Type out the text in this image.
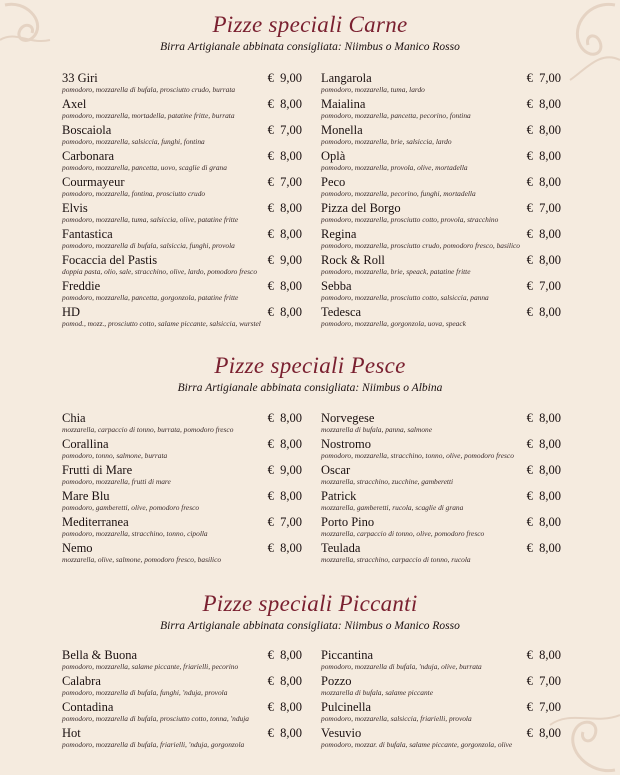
Pizze speciali Carne
Birra Artigianale abbinata consigliata: Niimbus o Manico Rosso
33 Giri	€  9,00
pomodoro, mozzarella di bufala, prosciutto crudo, burrata
Axel	€  8,00
pomodoro, mozzarella, mortadella, patatine fritte, burrata
Boscaiola	€  7,00
pomodoro, mozzarella, salsiccia, funghi, fontina
Carbonara	€  8,00
pomodoro, mozzarella, pancetta, uovo, scaglie di grana
Courmayeur	€  7,00
pomodoro, mozzarella, fontina, prosciutto crudo
Elvis	€  8,00
pomodoro, mozzarella, tuma, salsiccia, olive, patatine fritte
Fantastica	€  8,00
pomodoro, mozzarella di bufala, salsiccia, funghi, provola
Focaccia del Pastis	€  9,00
doppia pasta, olio, sale, stracchino, olive, lardo, pomodoro fresco
Freddie	€  8,00
pomodoro, mozzarella, pancetta, gorgonzola, patatine fritte
HD	€  8,00
pomod., mozz., prosciutto cotto, salame piccante, salsiccia, wurstel
Langarola	€  7,00
pomodoro, mozzarella, tuma, lardo
Maialina	€  8,00
pomodoro, mozzarella, pancetta, pecorino, fontina
Monella	€  8,00
pomodoro, mozzarella, brie, salsiccia, lardo
Oplà	€  8,00
pomodoro, mozzarella, provola, olive, mortadella
Peco	€  8,00
pomodoro, mozzarella, pecorino, funghi, mortadella
Pizza del Borgo	€  7,00
pomodoro, mozzarella, prosciutto cotto, provola, stracchino
Regina	€  8,00
pomodoro, mozzarella, prosciutto crudo, pomodoro fresco, basilico
Rock & Roll	€  8,00
pomodoro, mozzarella, brie, speack, patatine fritte
Sebba	€  7,00
pomodoro, mozzarella, prosciutto cotto, salsiccia, panna
Tedesca	€  8,00
pomodoro, mozzarella, gorgonzola, uova, speack
Pizze speciali Pesce
Birra Artigianale abbinata consigliata: Niimbus o Albina
Chia	€  8,00
mozzarella, carpaccio di tonno, burrata, pomodoro fresco
Corallina	€  8,00
pomodoro, tonno, salmone, burrata
Frutti di Mare	€  9,00
pomodoro, mozzarella, frutti di mare
Mare Blu	€  8,00
pomodoro, gamberetti, olive, pomodoro fresco
Mediterranea	€  7,00
pomodoro, mozzarella, stracchino, tonno, cipolla
Nemo	€  8,00
mozzarella, olive, salmone, pomodoro fresco, basilico
Norvegese	€  8,00
mozzarella di bufala, panna, salmone
Nostromo	€  8,00
pomodoro, mozzarella, stracchino, tonno, olive, pomodoro fresco
Oscar	€  8,00
mozzarella, stracchino, zucchine, gamberetti
Patrick	€  8,00
mozzarella, gamberetti, rucola, scaglie di grana
Porto Pino	€  8,00
mozzarella, carpaccio di tonno, olive, pomodoro fresco
Teulada	€  8,00
mozzarella, stracchino, carpaccio di tonno, rucola
Pizze speciali Piccanti
Birra Artigianale abbinata consigliata: Niimbus o Manico Rosso
Bella & Buona	€  8,00
pomodoro, mozzarella, salame piccante, friarielli, pecorino
Calabra	€  8,00
pomodoro, mozzarella di bufala, funghi, 'nduja, provola
Contadina	€  8,00
pomodoro, mozzarella di bufala, prosciutto cotto, tonna, 'nduja
Hot	€  8,00
pomodoro, mozzarella di bufala, friarielli, 'nduja, gorgonzola
Piccantina	€  8,00
pomodoro, mozzarella di bufala, 'nduja, olive, burrata
Pozzo	€  7,00
mozzarella di bufala, salame piccante
Pulcinella	€  7,00
pomodoro, mozzarella, salsiccia, friarielli, provola
Vesuvio	€  8,00
pomodoro, mozzar. di bufala, salame piccante, gorgonzola, olive
